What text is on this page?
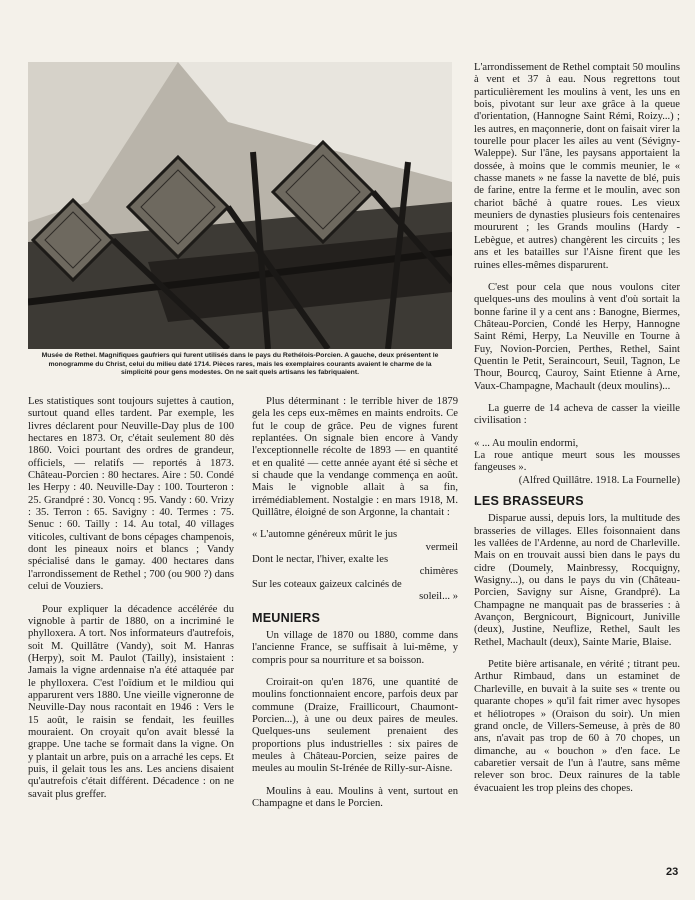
Musée de Rethel. Magnifiques gaufriers qui furent utilisés dans le pays du Rethélois-Porcien. A gauche, deux présentent le monogramme du Christ, celui du milieu daté 1714. Pièces rares, mais les exemplaires courants avaient le charme de la simplicité pour gens modestes. On ne sait quels artisans les fabriquaient.

Les statistiques sont toujours sujettes à caution, surtout quand elles tardent. Par exemple, les livres déclarent pour Neuville-Day plus de 100 hectares en 1873. Or, c'était seulement 80 dès 1860. Voici pourtant des ordres de grandeur, officiels, — relatifs — reportés à 1873. Château-Porcien : 80 hectares. Aire : 50. Condé les Herpy : 40. Neuville-Day : 100. Tourteron : 25. Grandpré : 30. Voncq : 95. Vandy : 60. Vrizy : 35. Terron : 65. Savigny : 40. Termes : 75. Senuc : 60. Tailly : 14. Au total, 40 villages viticoles, cultivant de bons cépages champenois, dont les pineaux noirs et blancs ; Vandy spécialisé dans le gamay. 400 hectares dans l'arrondissement de Rethel ; 700 (ou 900 ?) dans celui de Vouziers.

Pour expliquer la décadence accélérée du vignoble à partir de 1880, on a incriminé le phylloxera. A tort. Nos informateurs d'autrefois, soit M. Quillâtre (Vandy), soit M. Hanras (Herpy), soit M. Paulot (Tailly), insistaient : Jamais la vigne ardennaise n'a été attaquée par le phylloxera. C'est l'oïdium et le mildiou qui apparurent vers 1880. Une vieille vigneronne de Neuville-Day nous racontait en 1946 : Vers le 15 août, le raisin se fendait, les feuilles mouraient. On croyait qu'on avait blessé la grappe. Une tache se formait dans la vigne. On y plantait un arbre, puis on a arraché les ceps. Et puis, il gelait tous les ans. Les anciens disaient qu'autrefois c'était différent. Décadence : on ne savait plus greffer.

Plus déterminant : le terrible hiver de 1879 gela les ceps eux-mêmes en maints endroits. Ce fut le coup de grâce. Peu de vignes furent replantées. On signale bien encore à Vandy l'exceptionnelle récolte de 1893 — en quantité et en qualité — cette année ayant été si sèche et si chaude que la vendange commença en août. Mais le vignoble allait à sa fin, irrémédiablement. Nostalgie : en mars 1918, M. Quillâtre, éloigné de son Argonne, la chantait :

« L'automne généreux mûrit le jus
vermeil
Dont le nectar, l'hiver, exalte les
chimères
Sur les coteaux gaizeux calcinés de
soleil... »
MEUNIERS

Un village de 1870 ou 1880, comme dans l'ancienne France, se suffisait à lui-même, y compris pour sa nourriture et sa boisson.

Croirait-on qu'en 1876, une quantité de moulins fonctionnaient encore, parfois deux par commune (Draize, Fraillicourt, Chaumont-Porcien...), à une ou deux paires de meules. Quelques-uns seulement prenaient des proportions plus industrielles : six paires de meules à Château-Porcien, seize paires de meules au moulin St-Irénée de Rilly-sur-Aisne.

Moulins à eau. Moulins à vent, surtout en Champagne et dans le Porcien.

L'arrondissement de Rethel comptait 50 moulins à vent et 37 à eau. Nous regrettons tout particulièrement les moulins à vent, les uns en bois, pivotant sur leur axe grâce à la queue d'orientation, (Hannogne Saint Rémi, Roizy...) ; les autres, en maçonnerie, dont on faisait virer la tourelle pour placer les ailes au vent (Sévigny-Waleppe). Sur l'âne, les paysans apportaient la dossée, à moins que le commis meunier, le « chasse manets » ne fasse la navette de blé, puis de farine, entre la ferme et le moulin, avec son chariot bâché à quatre roues. Les vieux meuniers de dynasties plusieurs fois centenaires moururent ; les Grands moulins (Hardy - Lebègue, et autres) changèrent les circuits ; les ans et les batailles sur l'Aisne firent que les ruines elles-mêmes disparurent.

C'est pour cela que nous voulons citer quelques-uns des moulins à vent d'où sortait la bonne farine il y a cent ans : Banogne, Biermes, Château-Porcien, Condé les Herpy, Hannogne Saint Rémi, Herpy, La Neuville en Tourne à Fuy, Novion-Porcien, Perthes, Rethel, Saint Quentin le Petit, Seraincourt, Seuil, Tagnon, Le Thour, Bourcq, Cauroy, Saint Etienne à Arne, Vaux-Champagne, Machault (deux moulins)...

La guerre de 14 acheva de casser la vieille civilisation :

« ... Au moulin endormi,
La roue antique meurt sous les mousses fangeuses ».
(Alfred Quillâtre. 1918. La Fournelle)
LES BRASSEURS

Disparue aussi, depuis lors, la multitude des brasseries de villages. Elles foisonnaient dans les vallées de l'Ardenne, au nord de Charleville. Mais on en trouvait aussi bien dans le pays du cidre (Doumely, Mainbressy, Rocquigny, Wasigny...), ou dans le pays du vin (Château-Porcien, Savigny sur Aisne, Grandpré). La Champagne ne manquait pas de brasseries : à Avançon, Bergnicourt, Bignicourt, Juniville (deux), Justine, Neuflize, Rethel, Sault les Rethel, Machault (deux), Sainte Marie, Blaise.

Petite bière artisanale, en vérité ; titrant peu. Arthur Rimbaud, dans un estaminet de Charleville, en buvait à la suite ses « trente ou quarante chopes » qu'il fait rimer avec hysopes et héliotropes » (Oraison du soir). Un mien grand oncle, de Villers-Semeuse, à près de 80 ans, n'avait pas trop de 60 à 70 chopes, un dimanche, au « bouchon » d'en face. Le cabaretier versait de l'un à l'autre, sans même relever son broc. Deux rainures de la table évacuaient les trop pleins des chopes.

23
